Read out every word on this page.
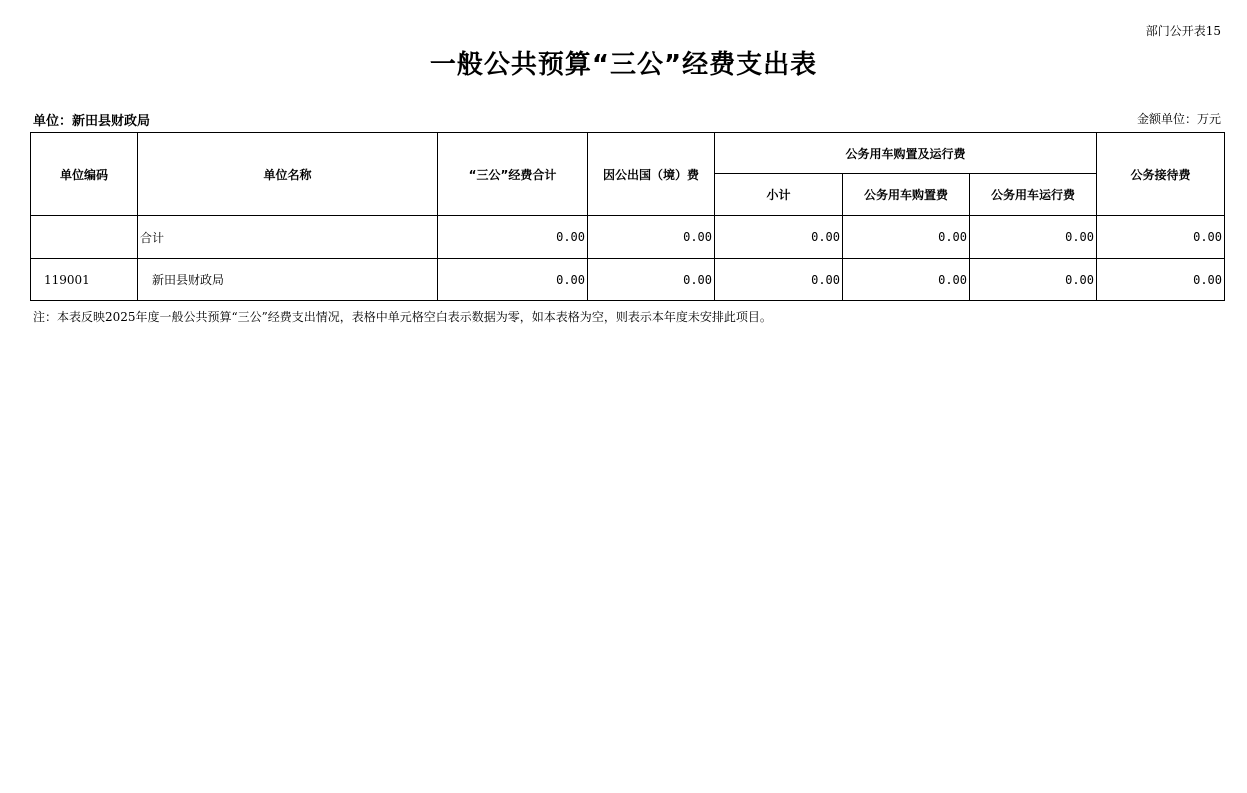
部门公开表15
一般公共预算“三公”经费支出表
单位：新田县财政局	金额单位：万元
单位编码	单位名称	“三公”经费合计	因公出国（境）费	公务用车购置及运行费			公务接待费
				小计	公务用车购置费	公务用车运行费	
	合计	0.00	0.00	0.00	0.00	0.00	0.00
119001	新田县财政局	0.00	0.00	0.00	0.00	0.00	0.00
注：本表反映2025年度一般公共预算“三公”经费支出情况，表格中单元格空白表示数据为零，如本表格为空，则表示本年度未安排此项目。
